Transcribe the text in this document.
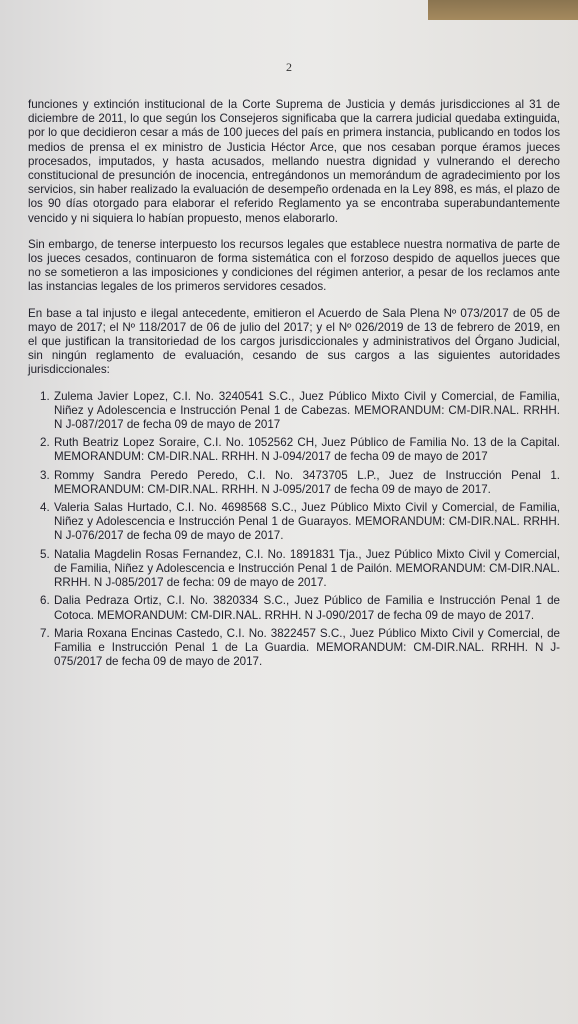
2

funciones y extinción institucional de la Corte Suprema de Justicia y demás jurisdicciones al 31 de diciembre de 2011, lo que según los Consejeros significaba que la carrera judicial quedaba extinguida, por lo que decidieron cesar a más de 100 jueces del país en primera instancia, publicando en todos los medios de prensa el ex ministro de Justicia Héctor Arce, que nos cesaban porque éramos jueces procesados, imputados, y hasta acusados, mellando nuestra dignidad y vulnerando el derecho constitucional de presunción de inocencia, entregándonos un memorándum de agradecimiento por los servicios, sin haber realizado la evaluación de desempeño ordenada en la Ley 898, es más, el plazo de los 90 días otorgado para elaborar el referido Reglamento ya se encontraba superabundantemente vencido y ni siquiera lo habían propuesto, menos elaborarlo.

Sin embargo, de tenerse interpuesto los recursos legales que establece nuestra normativa de parte de los jueces cesados, continuaron de forma sistemática con el forzoso despido de aquellos jueces que no se sometieron a las imposiciones y condiciones del régimen anterior, a pesar de los reclamos ante las instancias legales de los primeros servidores cesados.

En base a tal injusto e ilegal antecedente, emitieron el Acuerdo de Sala Plena Nº 073/2017 de 05 de mayo de 2017; el Nº 118/2017 de 06 de julio del 2017; y el Nº 026/2019 de 13 de febrero de 2019, en el que justifican la transitoriedad de los cargos jurisdiccionales y administrativos del Órgano Judicial, sin ningún reglamento de evaluación, cesando de sus cargos a las siguientes autoridades jurisdiccionales:

1. Zulema Javier Lopez, C.I. No. 3240541 S.C., Juez Público Mixto Civil y Comercial, de Familia, Niñez y Adolescencia e Instrucción Penal 1 de Cabezas. MEMORANDUM: CM-DIR.NAL. RRHH. N J-087/2017 de fecha 09 de mayo de 2017
2. Ruth Beatriz Lopez Soraire, C.I. No. 1052562 CH, Juez Público de Familia No. 13 de la Capital. MEMORANDUM: CM-DIR.NAL. RRHH. N J-094/2017 de fecha 09 de mayo de 2017
3. Rommy Sandra Peredo Peredo, C.I. No. 3473705 L.P., Juez de Instrucción Penal 1. MEMORANDUM: CM-DIR.NAL. RRHH. N J-095/2017 de fecha 09 de mayo de 2017.
4. Valeria Salas Hurtado, C.I. No. 4698568 S.C., Juez Público Mixto Civil y Comercial, de Familia, Niñez y Adolescencia e Instrucción Penal 1 de Guarayos. MEMORANDUM: CM-DIR.NAL. RRHH. N J-076/2017 de fecha 09 de mayo de 2017.
5. Natalia Magdelin Rosas Fernandez, C.I. No. 1891831 Tja., Juez Público Mixto Civil y Comercial, de Familia, Niñez y Adolescencia e Instrucción Penal 1 de Pailón. MEMORANDUM: CM-DIR.NAL. RRHH. N J-085/2017 de fecha: 09 de mayo de 2017.
6. Dalia Pedraza Ortiz, C.I. No. 3820334 S.C., Juez Público de Familia e Instrucción Penal 1 de Cotoca. MEMORANDUM: CM-DIR.NAL. RRHH. N J-090/2017 de fecha 09 de mayo de 2017.
7. Maria Roxana Encinas Castedo, C.I. No. 3822457 S.C., Juez Público Mixto Civil y Comercial, de Familia e Instrucción Penal 1 de La Guardia. MEMORANDUM: CM-DIR.NAL. RRHH. N J-075/2017 de fecha 09 de mayo de 2017.
